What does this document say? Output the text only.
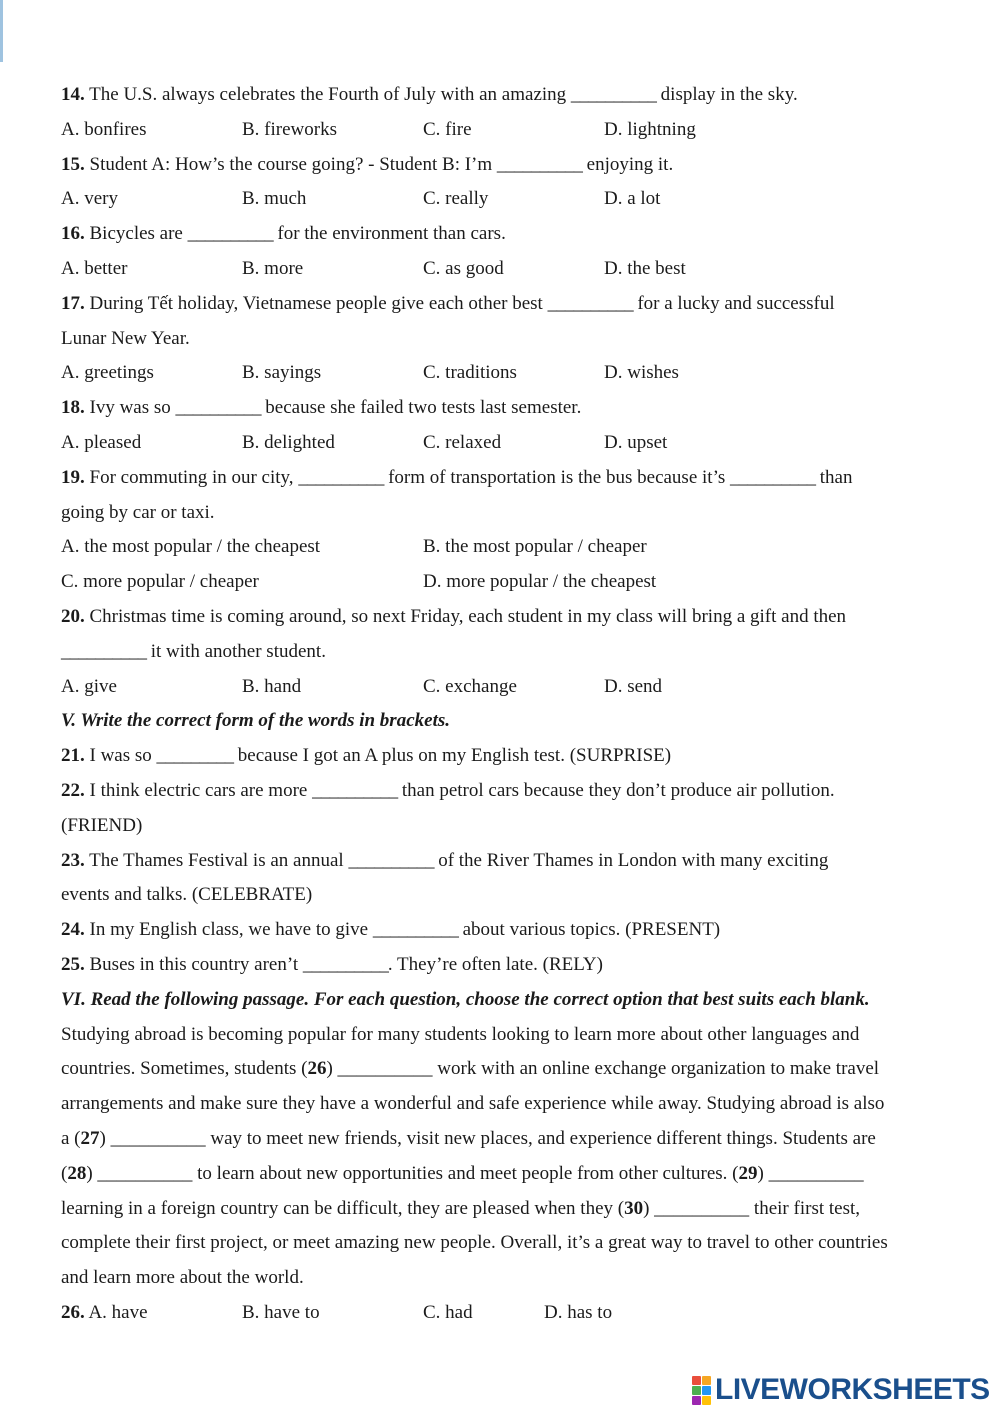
14. The U.S. always celebrates the Fourth of July with an amazing __________ display in the sky.
A. bonfires	B. fireworks	C. fire	D. lightning
15. Student A: How’s the course going? - Student B: I’m __________ enjoying it.
A. very	B. much	C. really	D. a lot
16. Bicycles are __________ for the environment than cars.
A. better	B. more	C. as good	D. the best
17. During Tết holiday, Vietnamese people give each other best __________ for a lucky and successful
Lunar New Year.
A. greetings	B. sayings	C. traditions	D. wishes
18. Ivy was so __________ because she failed two tests last semester.
A. pleased	B. delighted	C. relaxed	D. upset
19. For commuting in our city, __________ form of transportation is the bus because it’s __________ than
going by car or taxi.
A. the most popular / the cheapest	B. the most popular / cheaper
C. more popular / cheaper	D. more popular / the cheapest
20. Christmas time is coming around, so next Friday, each student in my class will bring a gift and then
__________ it with another student.
A. give	B. hand	C. exchange	D. send
V. Write the correct form of the words in brackets.
21. I was so _________ because I got an A plus on my English test. (SURPRISE)
22. I think electric cars are more __________ than petrol cars because they don’t produce air pollution.
(FRIEND)
23. The Thames Festival is an annual __________ of the River Thames in London with many exciting
events and talks. (CELEBRATE)
24. In my English class, we have to give __________ about various topics. (PRESENT)
25. Buses in this country aren’t __________. They’re often late. (RELY)
VI. Read the following passage. For each question, choose the correct option that best suits each blank.
Studying abroad is becoming popular for many students looking to learn more about other languages and
countries. Sometimes, students (26) __________ work with an online exchange organization to make travel
arrangements and make sure they have a wonderful and safe experience while away. Studying abroad is also
a (27) __________ way to meet new friends, visit new places, and experience different things. Students are
(28) __________ to learn about new opportunities and meet people from other cultures. (29) __________
learning in a foreign country can be difficult, they are pleased when they (30) __________ their first test,
complete their first project, or meet amazing new people. Overall, it’s a great way to travel to other countries
and learn more about the world.
26. A. have	B. have to	C. had	D. has to
LIVEWORKSHEETS
